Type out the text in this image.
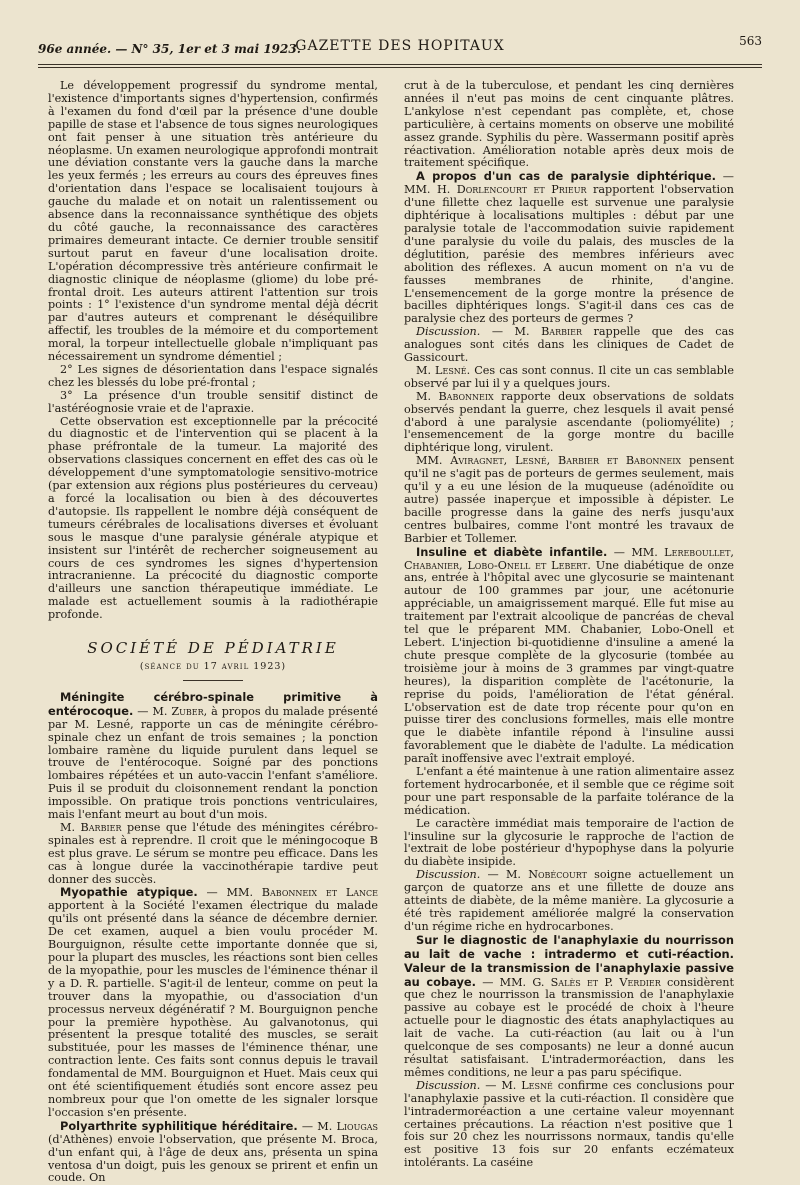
96e année. — N° 35, 1er et 3 mai 1923.
GAZETTE DES HOPITAUX	563

Le développement progressif du syndrome mental, l'existence d'importants signes d'hypertension, confirmés à l'examen du fond d'œil par la présence d'une double papille de stase et l'absence de tous signes neurologiques ont fait penser à une situation très antérieure du néoplasme. Un examen neurologique approfondi montrait une déviation constante vers la gauche dans la marche les yeux fermés ; les erreurs au cours des épreuves fines d'orientation dans l'espace se localisaient toujours à gauche du malade et on notait un ralentissement ou absence dans la reconnaissance synthétique des objets du côté gauche, la reconnaissance des caractères primaires demeurant intacte. Ce dernier trouble sensitif surtout parut en faveur d'une localisation droite. L'opération décompressive très antérieure confirmait le diagnostic clinique de néoplasme (gliome) du lobe pré-frontal droit. Les auteurs attirent l'attention sur trois points : 1° l'existence d'un syndrome mental déjà décrit par d'autres auteurs et comprenant le déséquilibre affectif, les troubles de la mémoire et du comportement moral, la torpeur intellectuelle globale n'impliquant pas nécessairement un syndrome démentiel ;

2° Les signes de désorientation dans l'espace signalés chez les blessés du lobe pré-frontal ;

3° La présence d'un trouble sensitif distinct de l'astéréognosie vraie et de l'apraxie.

Cette observation est exceptionnelle par la précocité du diagnostic et de l'intervention qui se placent à la phase préfrontale de la tumeur. La majorité des observations classiques concernent en effet des cas où le développement d'une symptomatologie sensitivo-motrice (par extension aux régions plus postérieures du cerveau) a forcé la localisation ou bien à des découvertes d'autopsie. Ils rappellent le nombre déjà conséquent de tumeurs cérébrales de localisations diverses et évoluant sous le masque d'une paralysie générale atypique et insistent sur l'intérêt de rechercher soigneusement au cours de ces syndromes les signes d'hypertension intracranienne. La précocité du diagnostic comporte d'ailleurs une sanction thérapeutique immédiate. Le malade est actuellement soumis à la radiothérapie profonde.

SOCIÉTÉ DE PÉDIATRIE
(séance du 17 avril 1923)

Méningite cérébro-spinale primitive à entérocoque. — M. Zuber, à propos du malade présenté par M. Lesné, rapporte un cas de méningite cérébro-spinale chez un enfant de trois semaines ; la ponction lombaire ramène du liquide purulent dans lequel se trouve de l'entérocoque. Soigné par des ponctions lombaires répétées et un auto-vaccin l'enfant s'améliore. Puis il se produit du cloisonnement rendant la ponction impossible. On pratique trois ponctions ventriculaires, mais l'enfant meurt au bout d'un mois.

M. Barbier pense que l'étude des méningites cérébro-spinales est à reprendre. Il croit que le méningocoque B est plus grave. Le sérum se montre peu efficace. Dans les cas à longue durée la vaccinothérapie tardive peut donner des succès.

Myopathie atypique. — MM. Babonneix et Lance apportent à la Société l'examen électrique du malade qu'ils ont présenté dans la séance de décembre dernier. De cet examen, auquel a bien voulu procéder M. Bourguignon, résulte cette importante donnée que si, pour la plupart des muscles, les réactions sont bien celles de la myopathie, pour les muscles de l'éminence thénar il y a D. R. partielle. S'agit-il de lenteur, comme on peut la trouver dans la myopathie, ou d'association d'un processus nerveux dégénératif ? M. Bourguignon penche pour la première hypothèse. Au galvanotonus, qui présentent la presque totalité des muscles, se serait substituée, pour les masses de l'éminence thénar, une contraction lente. Ces faits sont connus depuis le travail fondamental de MM. Bourguignon et Huet. Mais ceux qui ont été scientifiquement étudiés sont encore assez peu nombreux pour que l'on omette de les signaler lorsque l'occasion s'en présente.

Polyarthrite syphilitique héréditaire. — M. Liougas (d'Athènes) envoie l'observation, que présente M. Broca, d'un enfant qui, à l'âge de deux ans, présenta un spina ventosa d'un doigt, puis les genoux se prirent et enfin un coude. On

crut à de la tuberculose, et pendant les cinq dernières années il n'eut pas moins de cent cinquante plâtres. L'ankylose n'est cependant pas complète, et, chose particulière, à certains moments on observe une mobilité assez grande. Syphilis du père. Wassermann positif après réactivation. Amélioration notable après deux mois de traitement spécifique.

A propos d'un cas de paralysie diphtérique. — MM. H. Dorlencourt et Prieur rapportent l'observation d'une fillette chez laquelle est survenue une paralysie diphtérique à localisations multiples : début par une paralysie totale de l'accommodation suivie rapidement d'une paralysie du voile du palais, des muscles de la déglutition, parésie des membres inférieurs avec abolition des réflexes. A aucun moment on n'a vu de fausses membranes de rhinite, d'angine. L'ensemencement de la gorge montre la présence de bacilles diphtériques longs. S'agit-il dans ces cas de paralysie chez des porteurs de germes ?

Discussion. — M. Barbier rappelle que des cas analogues sont cités dans les cliniques de Cadet de Gassicourt.

M. Lesné. Ces cas sont connus. Il cite un cas semblable observé par lui il y a quelques jours.

M. Babonneix rapporte deux observations de soldats observés pendant la guerre, chez lesquels il avait pensé d'abord à une paralysie ascendante (poliomyélite) ; l'ensemencement de la gorge montre du bacille diphtérique long, virulent.

MM. Aviragnet, Lesné, Barbier et Babonneix pensent qu'il ne s'agit pas de porteurs de germes seulement, mais qu'il y a eu une lésion de la muqueuse (adénoïdite ou autre) passée inaperçue et impossible à dépister. Le bacille progresse dans la gaine des nerfs jusqu'aux centres bulbaires, comme l'ont montré les travaux de Barbier et Tollemer.

Insuline et diabète infantile. — MM. Lereboullet, Chabanier, Lobo-Onell et Lebert. Une diabétique de onze ans, entrée à l'hôpital avec une glycosurie se maintenant autour de 100 grammes par jour, une acétonurie appréciable, un amaigrissement marqué. Elle fut mise au traitement par l'extrait alcoolique de pancréas de cheval tel que le préparent MM. Chabanier, Lobo-Onell et Lebert. L'injection bi-quotidienne d'insuline a amené la chute presque complète de la glycosurie (tombée au troisième jour à moins de 3 grammes par vingt-quatre heures), la disparition complète de l'acétonurie, la reprise du poids, l'amélioration de l'état général. L'observation est de date trop récente pour qu'on en puisse tirer des conclusions formelles, mais elle montre que le diabète infantile répond à l'insuline aussi favorablement que le diabète de l'adulte. La médication paraît inoffensive avec l'extrait employé.

L'enfant a été maintenue à une ration alimentaire assez fortement hydrocarbonée, et il semble que ce régime soit pour une part responsable de la parfaite tolérance de la médication.

Le caractère immédiat mais temporaire de l'action de l'insuline sur la glycosurie le rapproche de l'action de l'extrait de lobe postérieur d'hypophyse dans la polyurie du diabète insipide.

Discussion. — M. Nobécourt soigne actuellement un garçon de quatorze ans et une fillette de douze ans atteints de diabète, de la même manière. La glycosurie a été très rapidement améliorée malgré la conservation d'un régime riche en hydrocarbones.

Sur le diagnostic de l'anaphylaxie du nourrisson au lait de vache : intradermo et cuti-réaction. Valeur de la transmission de l'anaphylaxie passive au cobaye. — MM. G. Salès et P. Verdier considèrent que chez le nourrisson la transmission de l'anaphylaxie passive au cobaye est le procédé de choix à l'heure actuelle pour le diagnostic des états anaphylactiques au lait de vache. La cuti-réaction (au lait ou à l'un quelconque de ses composants) ne leur a donné aucun résultat satisfaisant. L'intradermoréaction, dans les mêmes conditions, ne leur a pas paru spécifique.

Discussion. — M. Lesné confirme ces conclusions pour l'anaphylaxie passive et la cuti-réaction. Il considère que l'intradermoréaction a une certaine valeur moyennant certaines précautions. La réaction n'est positive que 1 fois sur 20 chez les nourrissons normaux, tandis qu'elle est positive 13 fois sur 20 enfants eczémateux intolérants. La caséine
